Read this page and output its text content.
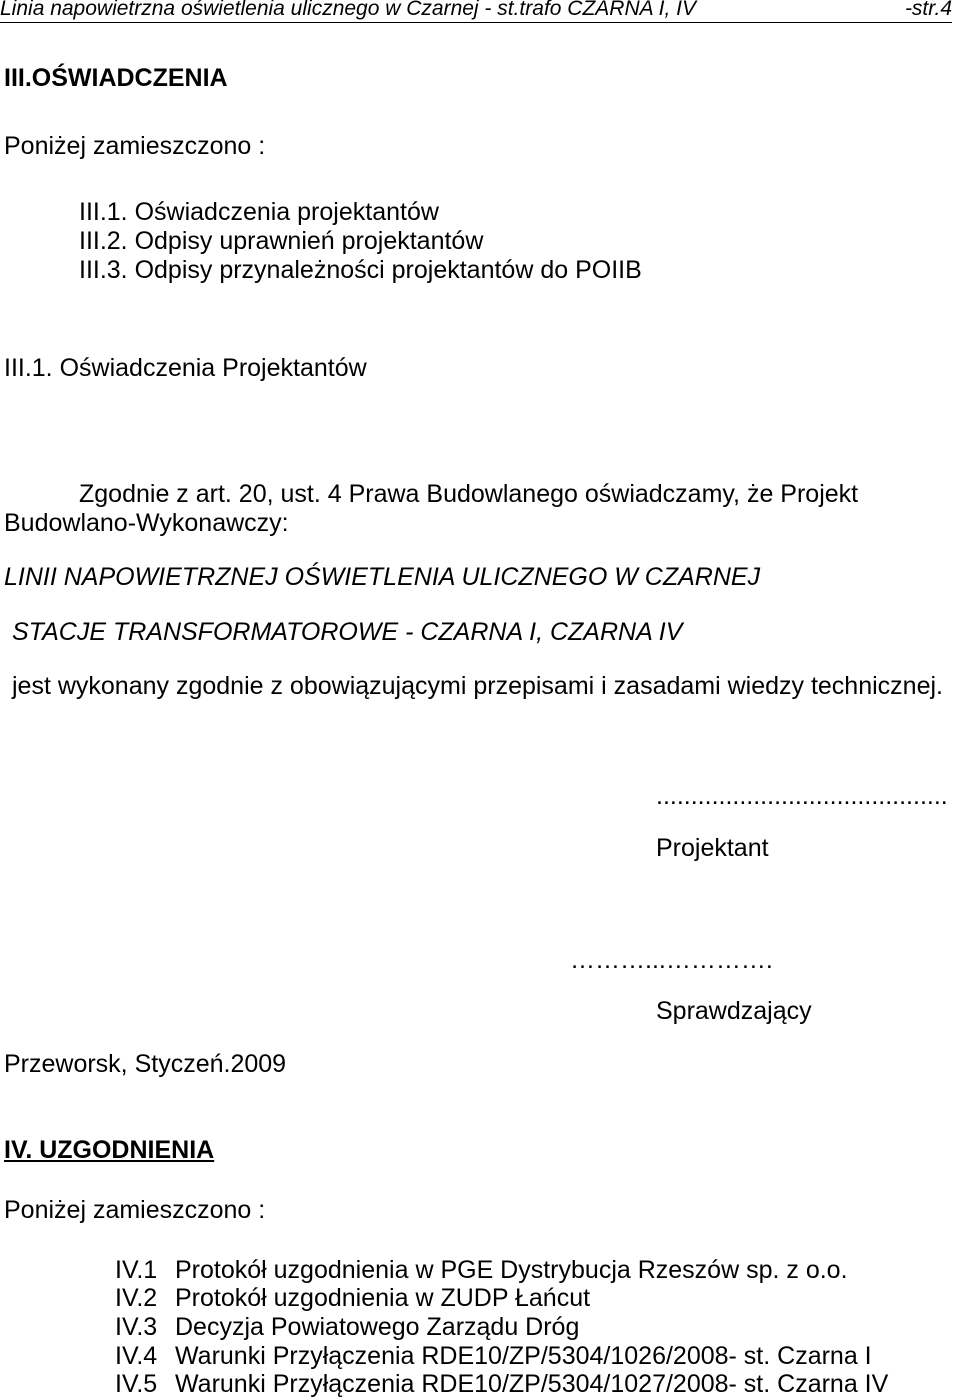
Linia napowietrzna oświetlenia ulicznego w Czarnej - st.trafo CZARNA I, IV	-str.4
III.OŚWIADCZENIA
Poniżej zamieszczono :
III.1. Oświadczenia projektantów
III.2. Odpisy uprawnień projektantów
III.3. Odpisy przynależności projektantów do POIIB
III.1. Oświadczenia Projektantów
Zgodnie z art. 20, ust. 4 Prawa Budowlanego oświadczamy, że Projekt
Budowlano-Wykonawczy:
LINII NAPOWIETRZNEJ OŚWIETLENIA ULICZNEGO W CZARNEJ
STACJE TRANSFORMATOROWE - CZARNA I, CZARNA IV
jest wykonany zgodnie z obowiązującymi przepisami i zasadami wiedzy technicznej.
..........................................
Projektant
………...………….
Sprawdzający
Przeworsk, Styczeń.2009
IV. UZGODNIENIA
Poniżej zamieszczono :
IV.1 Protokół uzgodnienia w PGE Dystrybucja Rzeszów sp. z o.o.
IV.2 Protokół uzgodnienia w ZUDP Łańcut
IV.3 Decyzja Powiatowego Zarządu Dróg
IV.4 Warunki Przyłączenia RDE10/ZP/5304/1026/2008- st. Czarna I
IV.5 Warunki Przyłączenia RDE10/ZP/5304/1027/2008- st. Czarna IV
